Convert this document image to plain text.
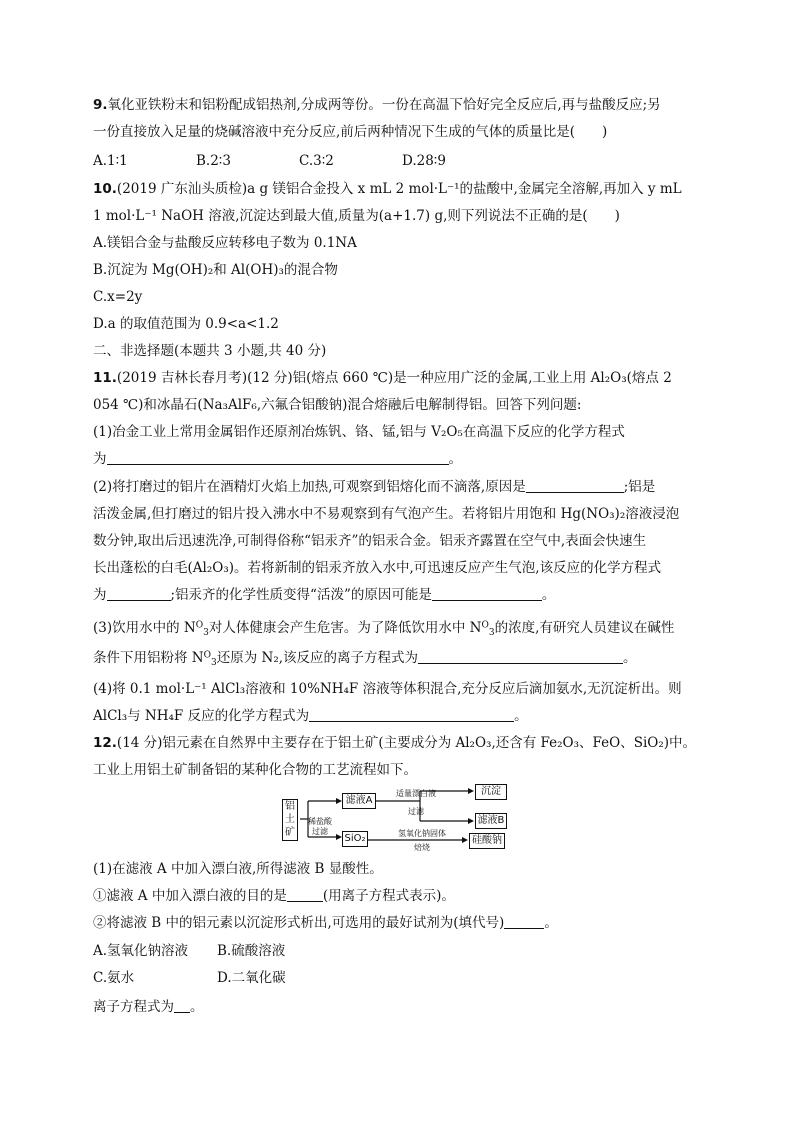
9.氧化亚铁粉末和铝粉配成铝热剂,分成两等份。一份在高温下恰好完全反应后,再与盐酸反应;另
一份直接放入足量的烧碱溶液中充分反应,前后两种情况下生成的气体的质量比是(　　)
A.1∶1	B.2∶3	C.3∶2	D.28∶9
10.(2019 广东汕头质检)a g 镁铝合金投入 x mL 2 mol·L⁻¹的盐酸中,金属完全溶解,再加入 y mL
1 mol·L⁻¹ NaOH 溶液,沉淀达到最大值,质量为(a+1.7) g,则下列说法不正确的是(　　)
A.镁铝合金与盐酸反应转移电子数为 0.1NA
B.沉淀为 Mg(OH)₂和 Al(OH)₃的混合物
C.x=2y
D.a 的取值范围为 0.9<a<1.2
二、非选择题(本题共 3 小题,共 40 分)
11.(2019 吉林长春月考)(12 分)铝(熔点 660 ℃)是一种应用广泛的金属,工业上用 Al₂O₃(熔点 2
054 ℃)和冰晶石(Na₃AlF₆,六氟合铝酸钠)混合熔融后电解制得铝。回答下列问题:
(1)冶金工业上常用金属铝作还原剂冶炼钒、铬、锰,铝与 V₂O₅在高温下反应的化学方程式
为	。
(2)将打磨过的铝片在酒精灯火焰上加热,可观察到铝熔化而不滴落,原因是	;铝是
活泼金属,但打磨过的铝片投入沸水中不易观察到有气泡产生。若将铝片用饱和 Hg(NO₃)₂溶液浸泡
数分钟,取出后迅速洗净,可制得俗称“铝汞齐”的铝汞合金。铝汞齐露置在空气中,表面会快速生
长出蓬松的白毛(Al₂O₃)。若将新制的铝汞齐放入水中,可迅速反应产生气泡,该反应的化学方程式
为	;铝汞齐的化学性质变得“活泼”的原因可能是	。
(3)饮用水中的 $N^O_3$对人体健康会产生危害。为了降低饮用水中 $N^O_3$的浓度,有研究人员建议在碱性
条件下用铝粉将 $N^O_3$还原为 N₂,该反应的离子方程式为	。
(4)将 0.1 mol·L⁻¹ AlCl₃溶液和 10%NH₄F 溶液等体积混合,充分反应后滴加氨水,无沉淀析出。则
AlCl₃与 NH₄F 反应的化学方程式为	。
12.(14 分)铝元素在自然界中主要存在于铝土矿(主要成分为 Al₂O₃,还含有 Fe₂O₃、FeO、SiO₂)中。
工业上用铝土矿制备铝的某种化合物的工艺流程如下。
铝土矿
稀盐酸
过滤
滤液A
SiO₂
适量漂白液
过滤
沉淀
滤液B
氢氧化钠固体
焙烧
硅酸钠
(1)在滤液 A 中加入漂白液,所得滤液 B 显酸性。
①滤液 A 中加入漂白液的目的是	(用离子方程式表示)。
②将滤液 B 中的铝元素以沉淀形式析出,可选用的最好试剂为(填代号)	。
A.氢氧化钠溶液 B.硫酸溶液
C.氨水	D.二氧化碳
离子方程式为 。
